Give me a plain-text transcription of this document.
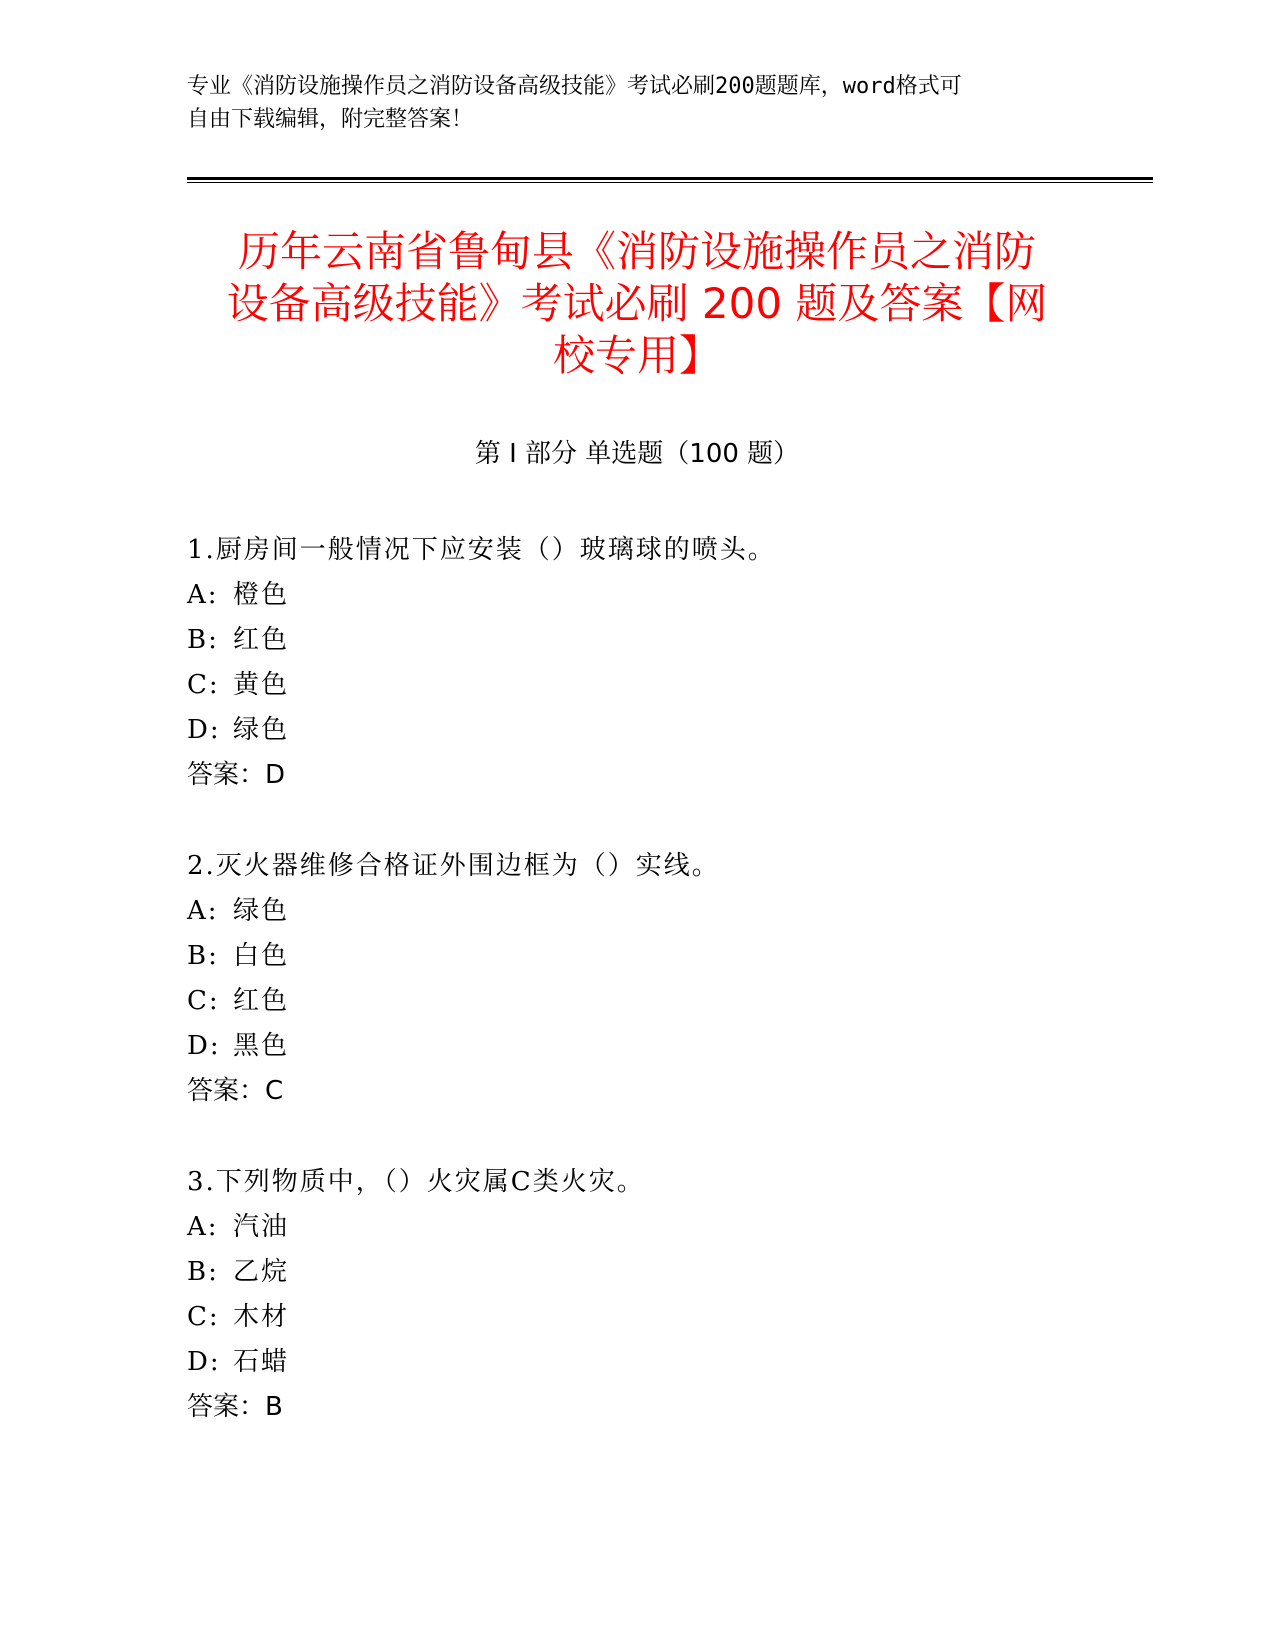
专业《消防设施操作员之消防设备高级技能》考试必刷200题题库，word格式可
自由下载编辑，附完整答案！
历年云南省鲁甸县《消防设施操作员之消防
设备高级技能》考试必刷 200 题及答案【网
校专用】
第 I 部分 单选题（100 题）
1.厨房间一般情况下应安装（）玻璃球的喷头。
A: 橙色
B: 红色
C: 黄色
D: 绿色
答案：D
2.灭火器维修合格证外围边框为（）实线。
A: 绿色
B: 白色
C: 红色
D: 黑色
答案：C
3.下列物质中，（）火灾属C类火灾。
A: 汽油
B: 乙烷
C: 木材
D: 石蜡
答案：B
